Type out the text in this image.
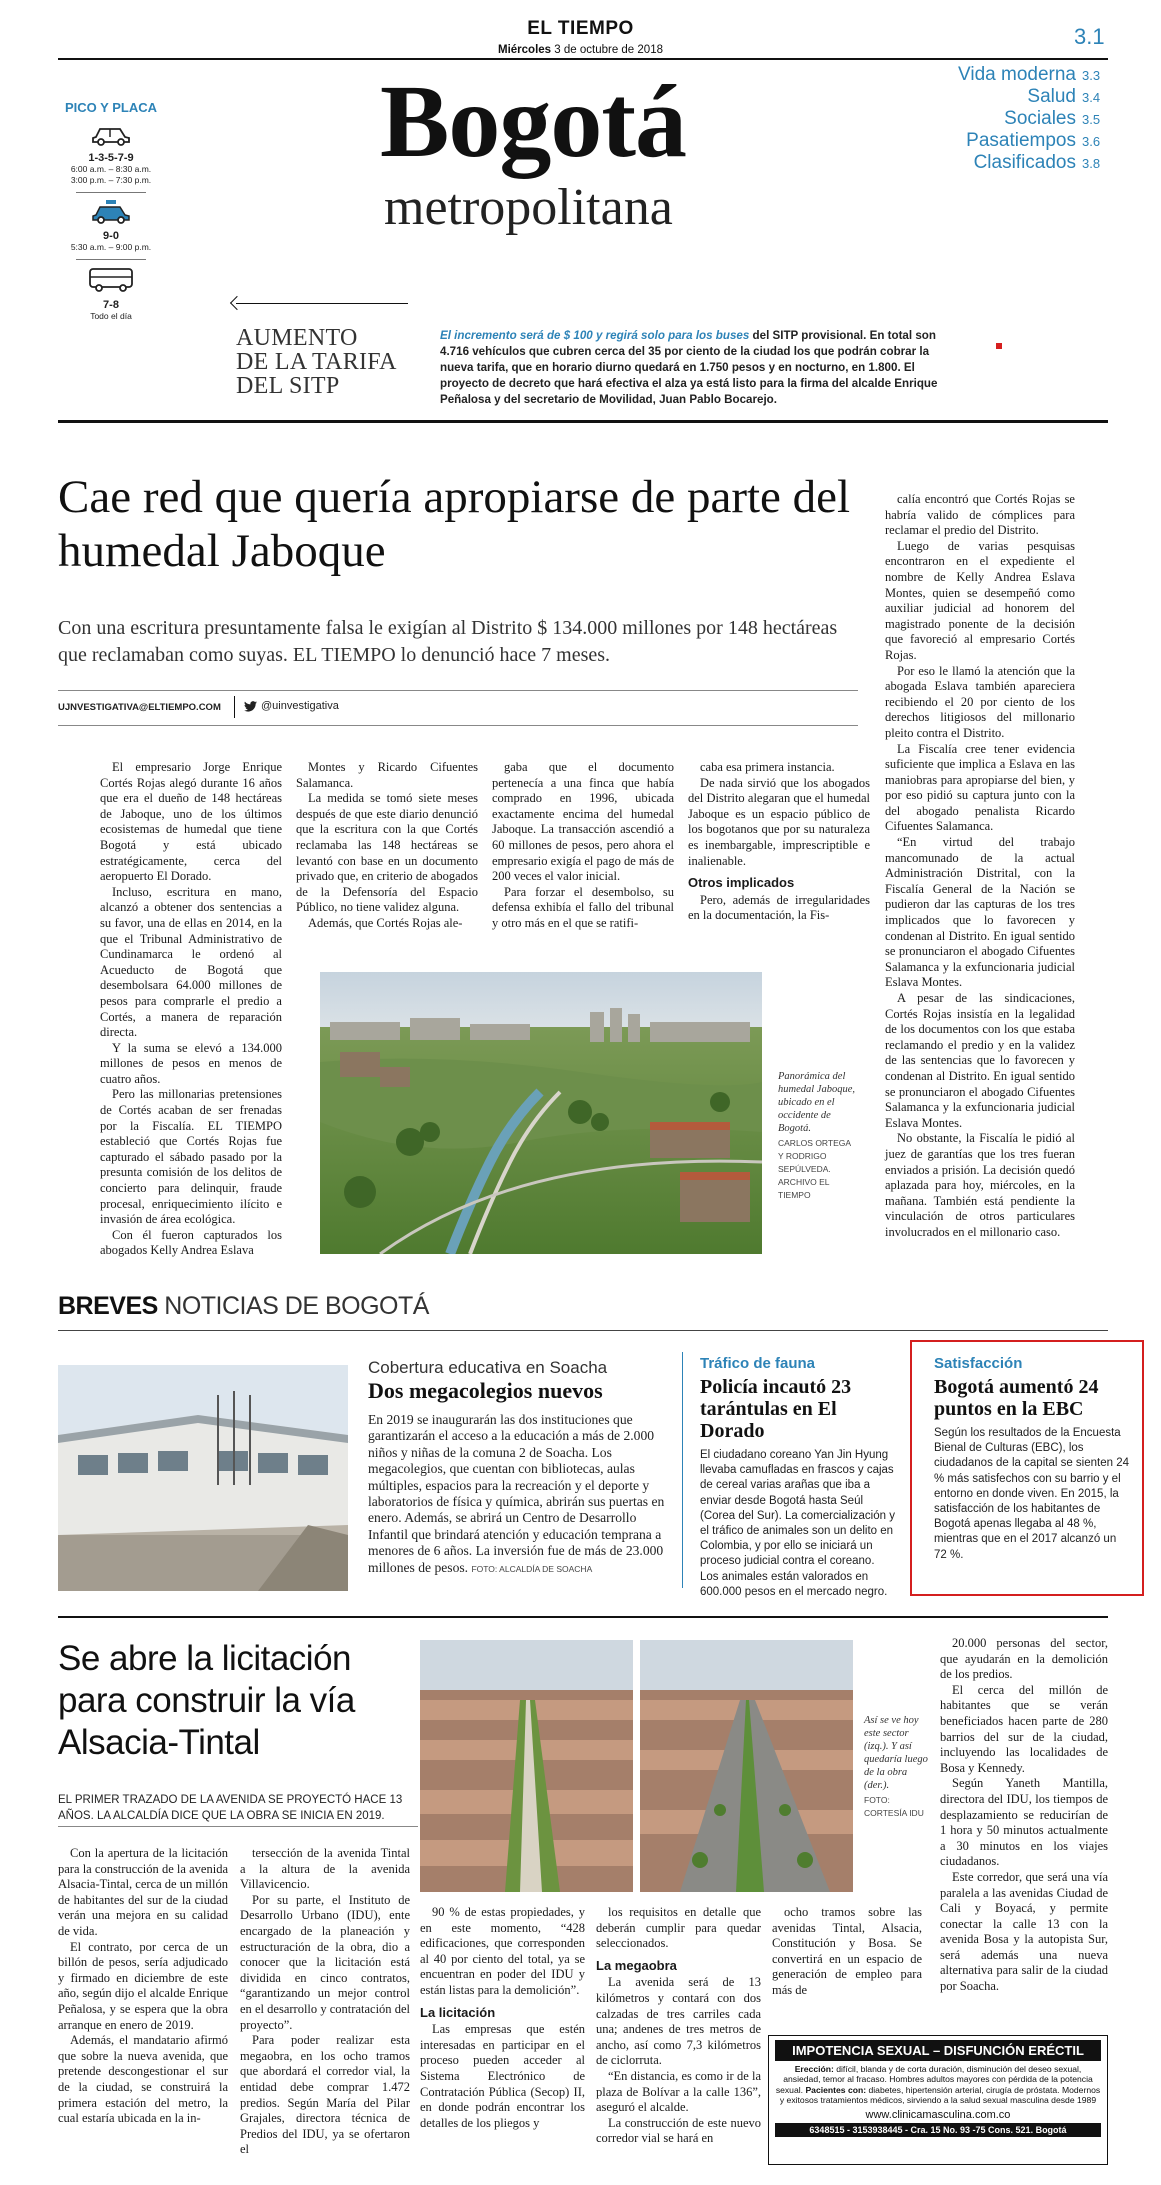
EL TIEMPO
Miércoles 3 de octubre de 2018
3.1
Bogotá
metropolitana
Vida moderna 3.3
Salud 3.4
Sociales 3.5
Pasatiempos 3.6
Clasificados 3.8
PICO Y PLACA
1-3-5-7-9
6:00 a.m. – 8:30 a.m.
3:00 p.m. – 7:30 p.m.
9-0
5:30 a.m. – 9:00 p.m.
7-8
Todo el día
AUMENTO DE LA TARIFA DEL SITP
El incremento será de $ 100 y regirá solo para los buses del SITP provisional. En total son 4.716 vehículos que cubren cerca del 35 por ciento de la ciudad los que podrán cobrar la nueva tarifa, que en horario diurno quedará en 1.750 pesos y en nocturno, en 1.800. El proyecto de decreto que hará efectiva el alza ya está listo para la firma del alcalde Enrique Peñalosa y del secretario de Movilidad, Juan Pablo Bocarejo.
Cae red que quería apropiarse de parte del humedal Jaboque
Con una escritura presuntamente falsa le exigían al Distrito $ 134.000 millones por 148 hectáreas que reclamaban como suyas. EL TIEMPO lo denunció hace 7 meses.
UJNVESTIGATIVA@ELTIEMPO.COM	@uinvestigativa

El empresario Jorge Enrique Cortés Rojas alegó durante 16 años que era el dueño de 148 hectáreas de Jaboque, uno de los últimos ecosistemas de humedal que tiene Bogotá y está ubicado estratégicamente, cerca del aeropuerto El Dorado.

Incluso, escritura en mano, alcanzó a obtener dos sentencias a su favor, una de ellas en 2014, en la que el Tribunal Administrativo de Cundinamarca le ordenó al Acueducto de Bogotá que desembolsara 64.000 millones de pesos para comprarle el predio a Cortés, a manera de reparación directa.

Y la suma se elevó a 134.000 millones de pesos en menos de cuatro años.

Pero las millonarias pretensiones de Cortés acaban de ser frenadas por la Fiscalía. EL TIEMPO estableció que Cortés Rojas fue capturado el sábado pasado por la presunta comisión de los delitos de concierto para delinquir, fraude procesal, enriquecimiento ilícito e invasión de área ecológica.

Con él fueron capturados los abogados Kelly Andrea Eslava

Montes y Ricardo Cifuentes Salamanca.

La medida se tomó siete meses después de que este diario denunció que la escritura con la que Cortés reclamaba las 148 hectáreas se levantó con base en un documento privado que, en criterio de abogados de la Defensoría del Espacio Público, no tiene validez alguna.

Además, que Cortés Rojas ale-

gaba que el documento pertenecía a una finca que había comprado en 1996, ubicada exactamente encima del humedal Jaboque. La transacción ascendió a 60 millones de pesos, pero ahora el empresario exigía el pago de más de 200 veces el valor inicial.

Para forzar el desembolso, su defensa exhibía el fallo del tribunal y otro más en el que se ratifi-

caba esa primera instancia.

De nada sirvió que los abogados del Distrito alegaran que el humedal Jaboque es un espacio público de los bogotanos que por su naturaleza es inembargable, imprescriptible e inalienable.

Otros implicados

Pero, además de irregularidades en la documentación, la Fis-

calía encontró que Cortés Rojas se habría valido de cómplices para reclamar el predio del Distrito.

Luego de varias pesquisas encontraron en el expediente el nombre de Kelly Andrea Eslava Montes, quien se desempeñó como auxiliar judicial ad honorem del magistrado ponente de la decisión que favoreció al empresario Cortés Rojas.

Por eso le llamó la atención que la abogada Eslava también apareciera recibiendo el 20 por ciento de los derechos litigiosos del millonario pleito contra el Distrito.

La Fiscalía cree tener evidencia suficiente que implica a Eslava en las maniobras para apropiarse del bien, y por eso pidió su captura junto con la del abogado penalista Ricardo Cifuentes Salamanca.

“En virtud del trabajo mancomunado de la actual Administración Distrital, con la Fiscalía General de la Nación se pudieron dar las capturas de los tres implicados que lo favorecen y condenan al Distrito. En igual sentido se pronunciaron el abogado Cifuentes Salamanca y la exfuncionaria judicial Eslava Montes.

A pesar de las sindicaciones, Cortés Rojas insistía en la legalidad de los documentos con los que estaba reclamando el predio y en la validez de las sentencias que lo favorecen y condenan al Distrito. En igual sentido se pronunciaron el abogado Cifuentes Salamanca y la exfuncionaria judicial Eslava Montes.

No obstante, la Fiscalía le pidió al juez de garantías que los tres fueran enviados a prisión. La decisión quedó aplazada para hoy, miércoles, en la mañana. También está pendiente la vinculación de otros particulares involucrados en el millonario caso.

Panorámica del humedal Jaboque, ubicado en el occidente de Bogotá.
CARLOS ORTEGA Y RODRIGO SEPÚLVEDA. ARCHIVO EL TIEMPO
BREVES NOTICIAS DE BOGOTÁ
Cobertura educativa en Soacha
Dos megacolegios nuevos
En 2019 se inaugurarán las dos instituciones que garantizarán el acceso a la educación a más de 2.000 niños y niñas de la comuna 2 de Soacha. Los megacolegios, que cuentan con bibliotecas, aulas múltiples, espacios para la recreación y el deporte y laboratorios de física y química, abrirán sus puertas en enero. Además, se abrirá un Centro de Desarrollo Infantil que brindará atención y educación temprana a menores de 6 años. La inversión fue de más de 23.000 millones de pesos. FOTO: ALCALDÍA DE SOACHA
Tráfico de fauna
Policía incautó 23 tarántulas en El Dorado
El ciudadano coreano Yan Jin Hyung llevaba camufladas en frascos y cajas de cereal varias arañas que iba a enviar desde Bogotá hasta Seúl (Corea del Sur). La comercialización y el tráfico de animales son un delito en Colombia, y por ello se iniciará un proceso judicial contra el coreano. Los animales están valorados en 600.000 pesos en el mercado negro.
Satisfacción
Bogotá aumentó 24 puntos en la EBC
Según los resultados de la Encuesta Bienal de Culturas (EBC), los ciudadanos de la capital se sienten 24 % más satisfechos con su barrio y el entorno en donde viven. En 2015, la satisfacción de los habitantes de Bogotá apenas llegaba al 48 %, mientras que en el 2017 alcanzó un 72 %.
Se abre la licitación para construir la vía Alsacia-Tintal
EL PRIMER TRAZADO DE LA AVENIDA SE PROYECTÓ HACE 13 AÑOS. LA ALCALDÍA DICE QUE LA OBRA SE INICIA EN 2019.

Con la apertura de la licitación para la construcción de la avenida Alsacia-Tintal, cerca de un millón de habitantes del sur de la ciudad verán una mejora en su calidad de vida.

El contrato, por cerca de un billón de pesos, sería adjudicado y firmado en diciembre de este año, según dijo el alcalde Enrique Peñalosa, y se espera que la obra arranque en enero de 2019.

Además, el mandatario afirmó que sobre la nueva avenida, que pretende descongestionar el sur de la ciudad, se construirá la primera estación del metro, la cual estaría ubicada en la in-

tersección de la avenida Tintal a la altura de la avenida Villavicencio.

Por su parte, el Instituto de Desarrollo Urbano (IDU), ente encargado de la planeación y estructuración de la obra, dio a conocer que la licitación está dividida en cinco contratos, “garantizando un mejor control en el desarrollo y contratación del proyecto”.

Para poder realizar esta megaobra, en los ocho tramos que abordará el corredor vial, la entidad debe comprar 1.472 predios. Según María del Pilar Grajales, directora técnica de Predios del IDU, ya se ofertaron el

Así se ve hoy este sector (izq.). Y así quedaría luego de la obra (der.).
FOTO: CORTESÍA IDU

90 % de estas propiedades, y en este momento, “428 edificaciones, que corresponden al 40 por ciento del total, ya se encuentran en poder del IDU y están listas para la demolición”.

La licitación

Las empresas que estén interesadas en participar en el proceso pueden acceder al Sistema Electrónico de Contratación Pública (Secop) II, en donde podrán encontrar los detalles de los pliegos y

los requisitos en detalle que deberán cumplir para quedar seleccionados.

La megaobra

La avenida será de 13 kilómetros y contará con dos calzadas de tres carriles cada una; andenes de tres metros de ancho, así como 7,3 kilómetros de ciclorruta.

“En distancia, es como ir de la plaza de Bolívar a la calle 136”, aseguró el alcalde.

La construcción de este nuevo corredor vial se hará en

ocho tramos sobre las avenidas Tintal, Alsacia, Constitución y Bosa. Se convertirá en un espacio de generación de empleo para más de

20.000 personas del sector, que ayudarán en la demolición de los predios.

El cerca del millón de habitantes que se verán beneficiados hacen parte de 280 barrios del sur de la ciudad, incluyendo las localidades de Bosa y Kennedy.

Según Yaneth Mantilla, directora del IDU, los tiempos de desplazamiento se reducirían de 1 hora y 50 minutos actualmente a 30 minutos en los viajes ciudadanos.

Este corredor, que será una vía paralela a las avenidas Ciudad de Cali y Boyacá, y permite conectar la calle 13 con la avenida Bosa y la autopista Sur, será además una nueva alternativa para salir de la ciudad por Soacha.

IMPOTENCIA SEXUAL – DISFUNCIÓN ERÉCTIL
Erección: difícil, blanda y de corta duración, disminución del deseo sexual, ansiedad, temor al fracaso. Hombres adultos mayores con pérdida de la potencia sexual. Pacientes con: diabetes, hipertensión arterial, cirugía de próstata. Modernos y exitosos tratamientos médicos, sirviendo a la salud sexual masculina desde 1989
www.clinicamasculina.com.co
6348515 - 3153938445 - Cra. 15 No. 93 -75 Cons. 521. Bogotá
